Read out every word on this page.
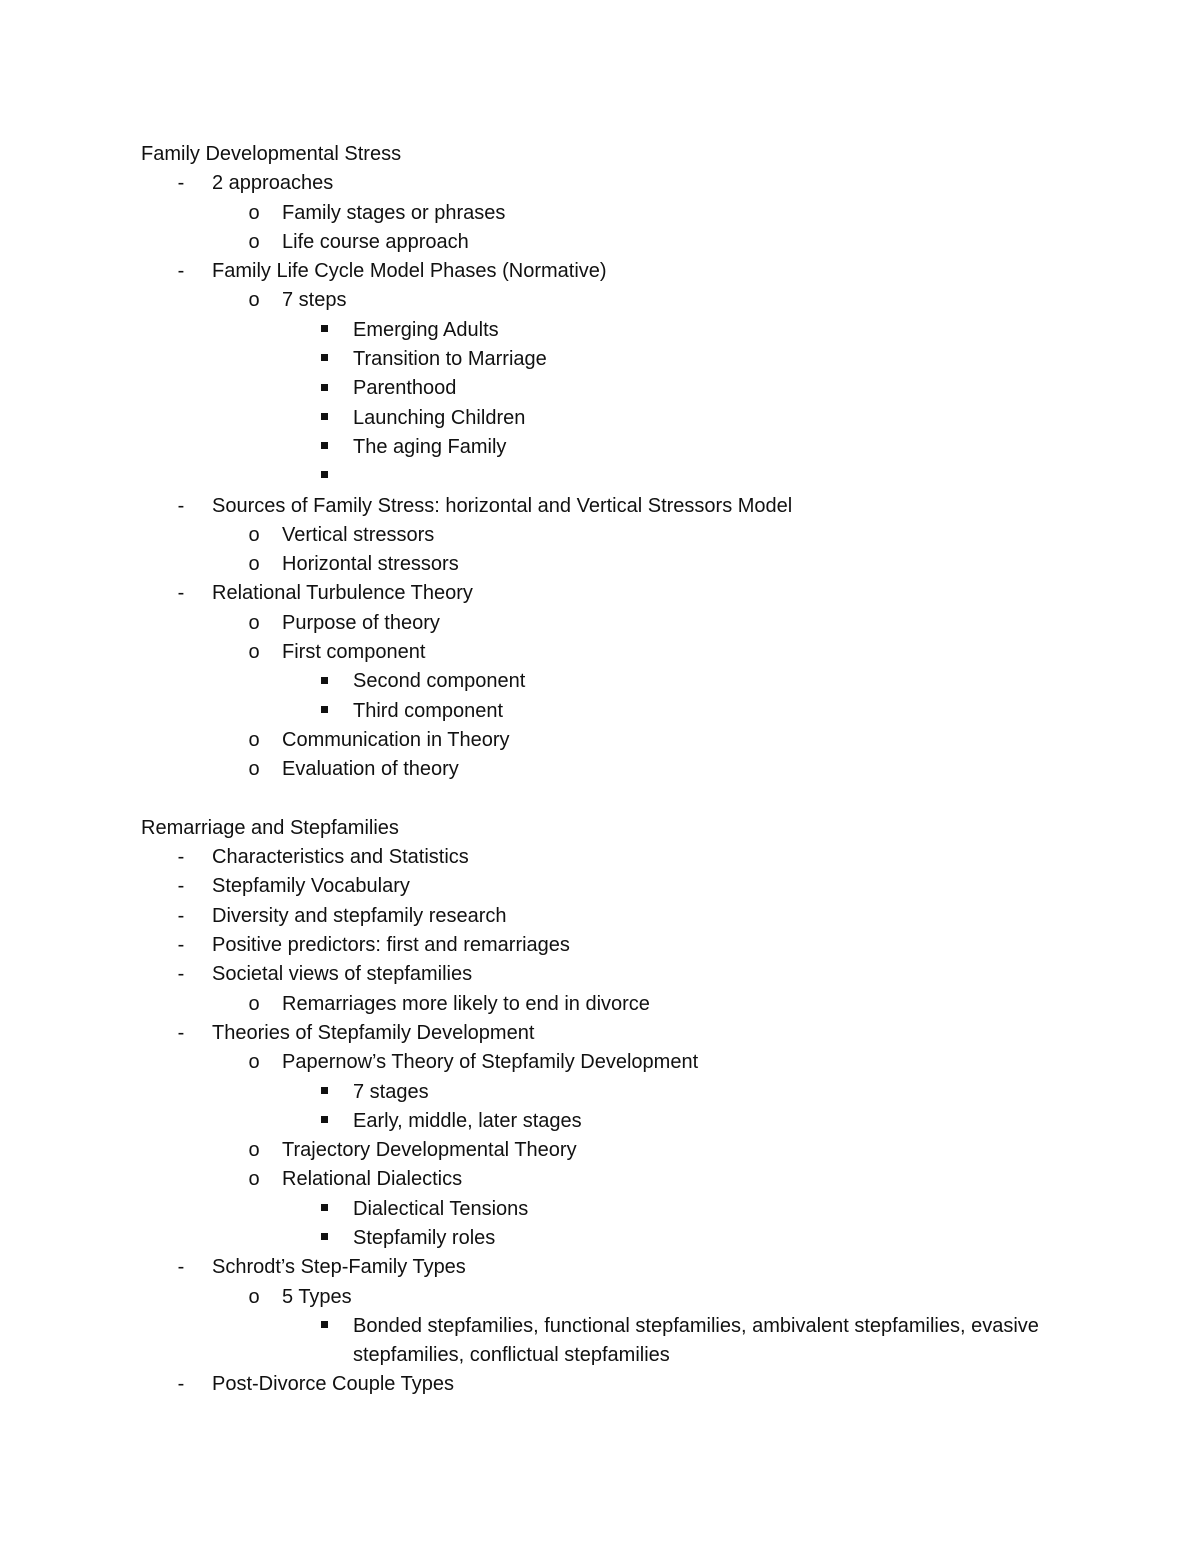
Family Developmental Stress
-	2 approaches
o	Family stages or phrases
o	Life course approach
-	Family Life Cycle Model Phases (Normative)
o	7 steps
Emerging Adults
Transition to Marriage
Parenthood
Launching Children
The aging Family
-	Sources of Family Stress: horizontal and Vertical Stressors Model
o	Vertical stressors
o	Horizontal stressors
-	Relational Turbulence Theory
o	Purpose of theory
o	First component
Second component
Third component
o	Communication in Theory
o	Evaluation of theory
Remarriage and Stepfamilies
-	Characteristics and Statistics
-	Stepfamily Vocabulary
-	Diversity and stepfamily research
-	Positive predictors: first and remarriages
-	Societal views of stepfamilies
o	Remarriages more likely to end in divorce
-	Theories of Stepfamily Development
o	Papernow’s Theory of Stepfamily Development
7 stages
Early, middle, later stages
o	Trajectory Developmental Theory
o	Relational Dialectics
Dialectical Tensions
Stepfamily roles
-	Schrodt’s Step-Family Types
o	5 Types
Bonded stepfamilies, functional stepfamilies, ambivalent stepfamilies, evasive stepfamilies, conflictual stepfamilies
-	Post-Divorce Couple Types
